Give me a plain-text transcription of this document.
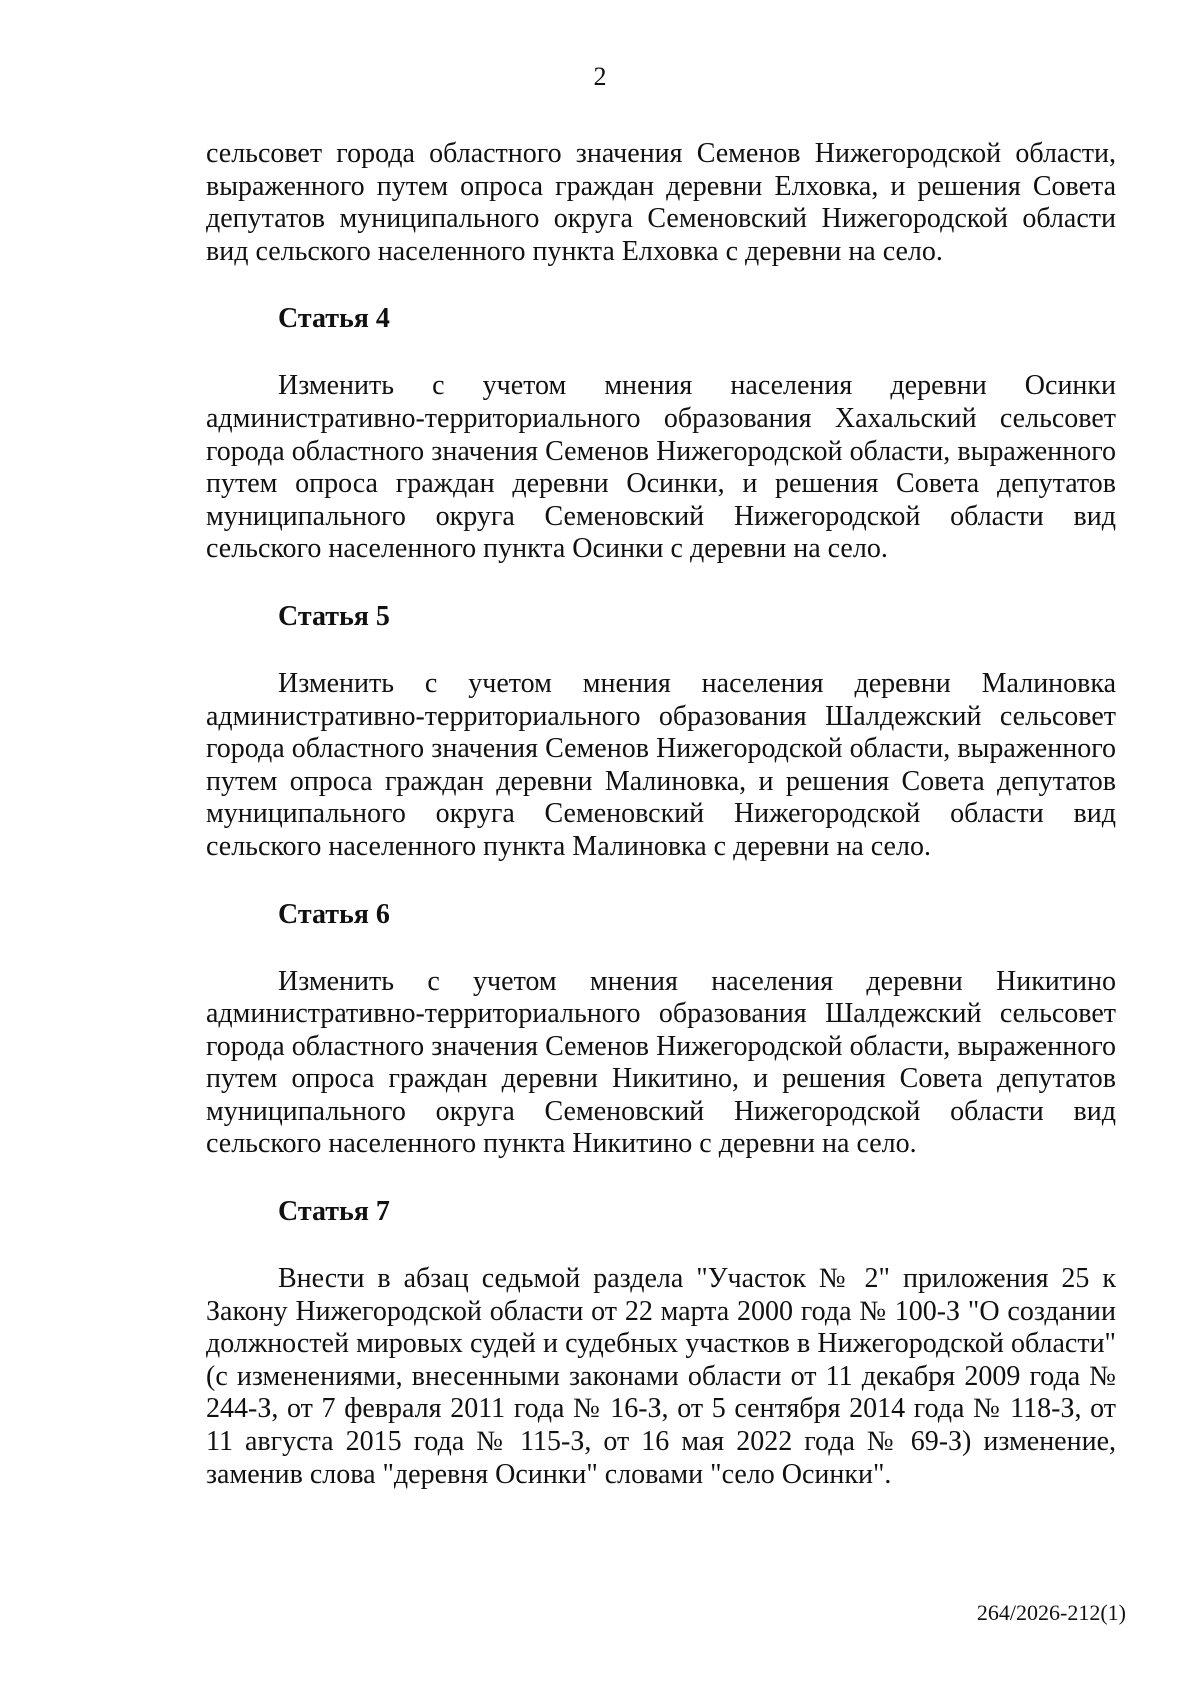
2

сельсовет города областного значения Семенов Нижегородской области, выраженного путем опроса граждан деревни Елховка, и решения Совета депутатов муниципального округа Семеновский Нижегородской области вид сельского населенного пункта Елховка с деревни на село.

Статья 4

Изменить с учетом мнения населения деревни Осинки административно-территориального образования Хахальский сельсовет города областного значения Семенов Нижегородской области, выраженного путем опроса граждан деревни Осинки, и решения Совета депутатов муниципального округа Семеновский Нижегородской области вид сельского населенного пункта Осинки с деревни на село.

Статья 5

Изменить с учетом мнения населения деревни Малиновка административно-территориального образования Шалдежский сельсовет города областного значения Семенов Нижегородской области, выраженного путем опроса граждан деревни Малиновка, и решения Совета депутатов муниципального округа Семеновский Нижегородской области вид сельского населенного пункта Малиновка с деревни на село.

Статья 6

Изменить с учетом мнения населения деревни Никитино административно-территориального образования Шалдежский сельсовет города областного значения Семенов Нижегородской области, выраженного путем опроса граждан деревни Никитино, и решения Совета депутатов муниципального округа Семеновский Нижегородской области вид сельского населенного пункта Никитино с деревни на село.

Статья 7

Внести в абзац седьмой раздела "Участок № 2" приложения 25 к Закону Нижегородской области от 22 марта 2000 года № 100-З "О создании должностей мировых судей и судебных участков в Нижегородской области" (с изменениями, внесенными законами области от 11 декабря 2009 года № 244-З, от 7 февраля 2011 года № 16-З, от 5 сентября 2014 года № 118-З, от 11 августа 2015 года № 115-З, от 16 мая 2022 года № 69-З) изменение, заменив слова "деревня Осинки" словами "село Осинки".

264/2026-212(1)
